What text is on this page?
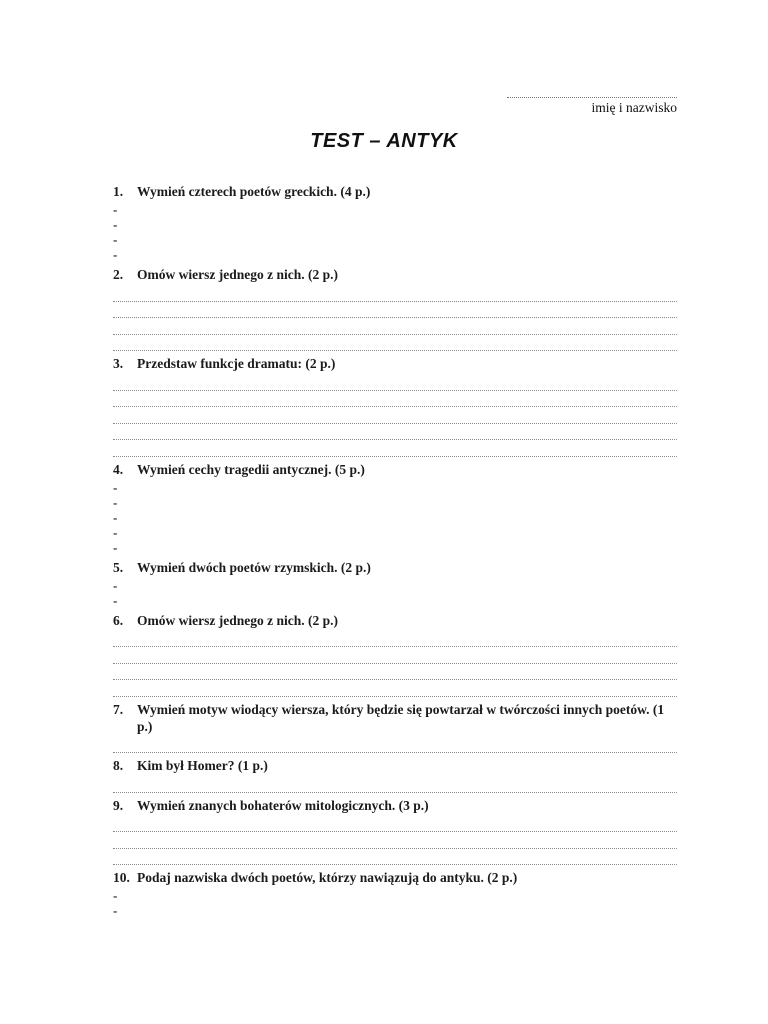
imię i nazwisko
TEST – ANTYK
1.	Wymień czterech poetów greckich. (4 p.)
-
-
-
-
2.	Omów wiersz jednego z nich. (2 p.)
3.	Przedstaw funkcje dramatu: (2 p.)
4.	Wymień cechy tragedii antycznej. (5 p.)
-
-
-
-
-
5.	Wymień dwóch poetów rzymskich. (2 p.)
-
-
6.	Omów wiersz jednego z nich. (2 p.)
7.	Wymień motyw wiodący wiersza, który będzie się powtarzał w twórczości innych poetów. (1 p.)
8.	Kim był Homer? (1 p.)
9.	Wymień znanych bohaterów mitologicznych. (3 p.)
10. Podaj nazwiska dwóch poetów, którzy nawiązują do antyku. (2 p.)
-
-
